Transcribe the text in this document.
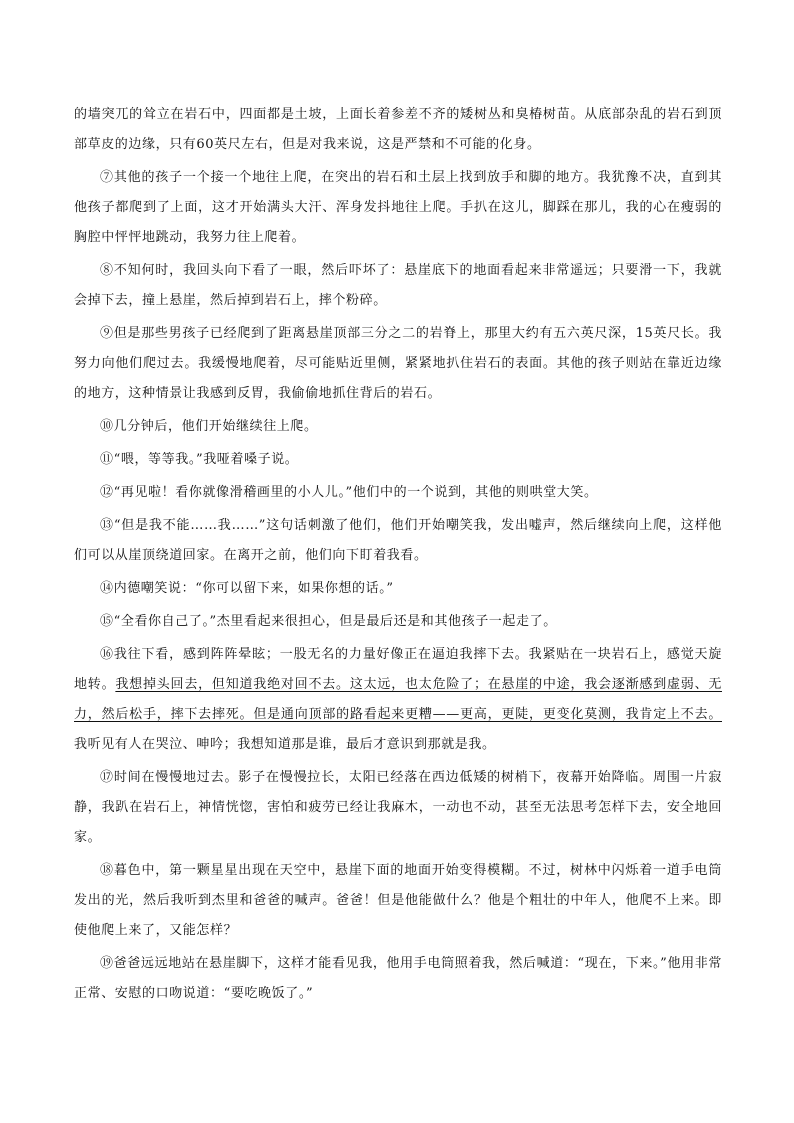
的墙突兀的耸立在岩石中，四面都是土坡，上面长着参差不齐的矮树丛和臭椿树苗。从底部杂乱的岩石到顶部草皮的边缘，只有60英尺左右，但是对我来说，这是严禁和不可能的化身。

⑦其他的孩子一个接一个地往上爬，在突出的岩石和土层上找到放手和脚的地方。我犹豫不决，直到其他孩子都爬到了上面，这才开始满头大汗、浑身发抖地往上爬。手扒在这儿，脚踩在那儿，我的心在瘦弱的胸腔中怦怦地跳动，我努力往上爬着。

⑧不知何时，我回头向下看了一眼，然后吓坏了：悬崖底下的地面看起来非常遥远；只要滑一下，我就会掉下去，撞上悬崖，然后掉到岩石上，摔个粉碎。

⑨但是那些男孩子已经爬到了距离悬崖顶部三分之二的岩脊上，那里大约有五六英尺深，15英尺长。我努力向他们爬过去。我缓慢地爬着，尽可能贴近里侧，紧紧地扒住岩石的表面。其他的孩子则站在靠近边缘的地方，这种情景让我感到反胃，我偷偷地抓住背后的岩石。

⑩几分钟后，他们开始继续往上爬。

⑪“喂，等等我。”我哑着嗓子说。

⑫“再见啦！看你就像滑稽画里的小人儿。”他们中的一个说到，其他的则哄堂大笑。

⑬“但是我不能……我……”这句话刺激了他们，他们开始嘲笑我，发出嘘声，然后继续向上爬，这样他们可以从崖顶绕道回家。在离开之前，他们向下盯着我看。

⑭内德嘲笑说：“你可以留下来，如果你想的话。”

⑮“全看你自己了。”杰里看起来很担心，但是最后还是和其他孩子一起走了。

⑯我往下看，感到阵阵晕眩；一股无名的力量好像正在逼迫我摔下去。我紧贴在一块岩石上，感觉天旋地转。我想掉头回去，但知道我绝对回不去。这太远，也太危险了；在悬崖的中途，我会逐渐感到虚弱、无力，然后松手，摔下去摔死。但是通向顶部的路看起来更糟——更高，更陡，更变化莫测，我肯定上不去。我听见有人在哭泣、呻吟；我想知道那是谁，最后才意识到那就是我。

⑰时间在慢慢地过去。影子在慢慢拉长，太阳已经落在西边低矮的树梢下，夜幕开始降临。周围一片寂静，我趴在岩石上，神情恍惚，害怕和疲劳已经让我麻木，一动也不动，甚至无法思考怎样下去，安全地回家。

⑱暮色中，第一颗星星出现在天空中，悬崖下面的地面开始变得模糊。不过，树林中闪烁着一道手电筒发出的光，然后我听到杰里和爸爸的喊声。爸爸！但是他能做什么？他是个粗壮的中年人，他爬不上来。即使他爬上来了，又能怎样？

⑲爸爸远远地站在悬崖脚下，这样才能看见我，他用手电筒照着我，然后喊道：“现在，下来。”他用非常正常、安慰的口吻说道：“要吃晚饭了。”
